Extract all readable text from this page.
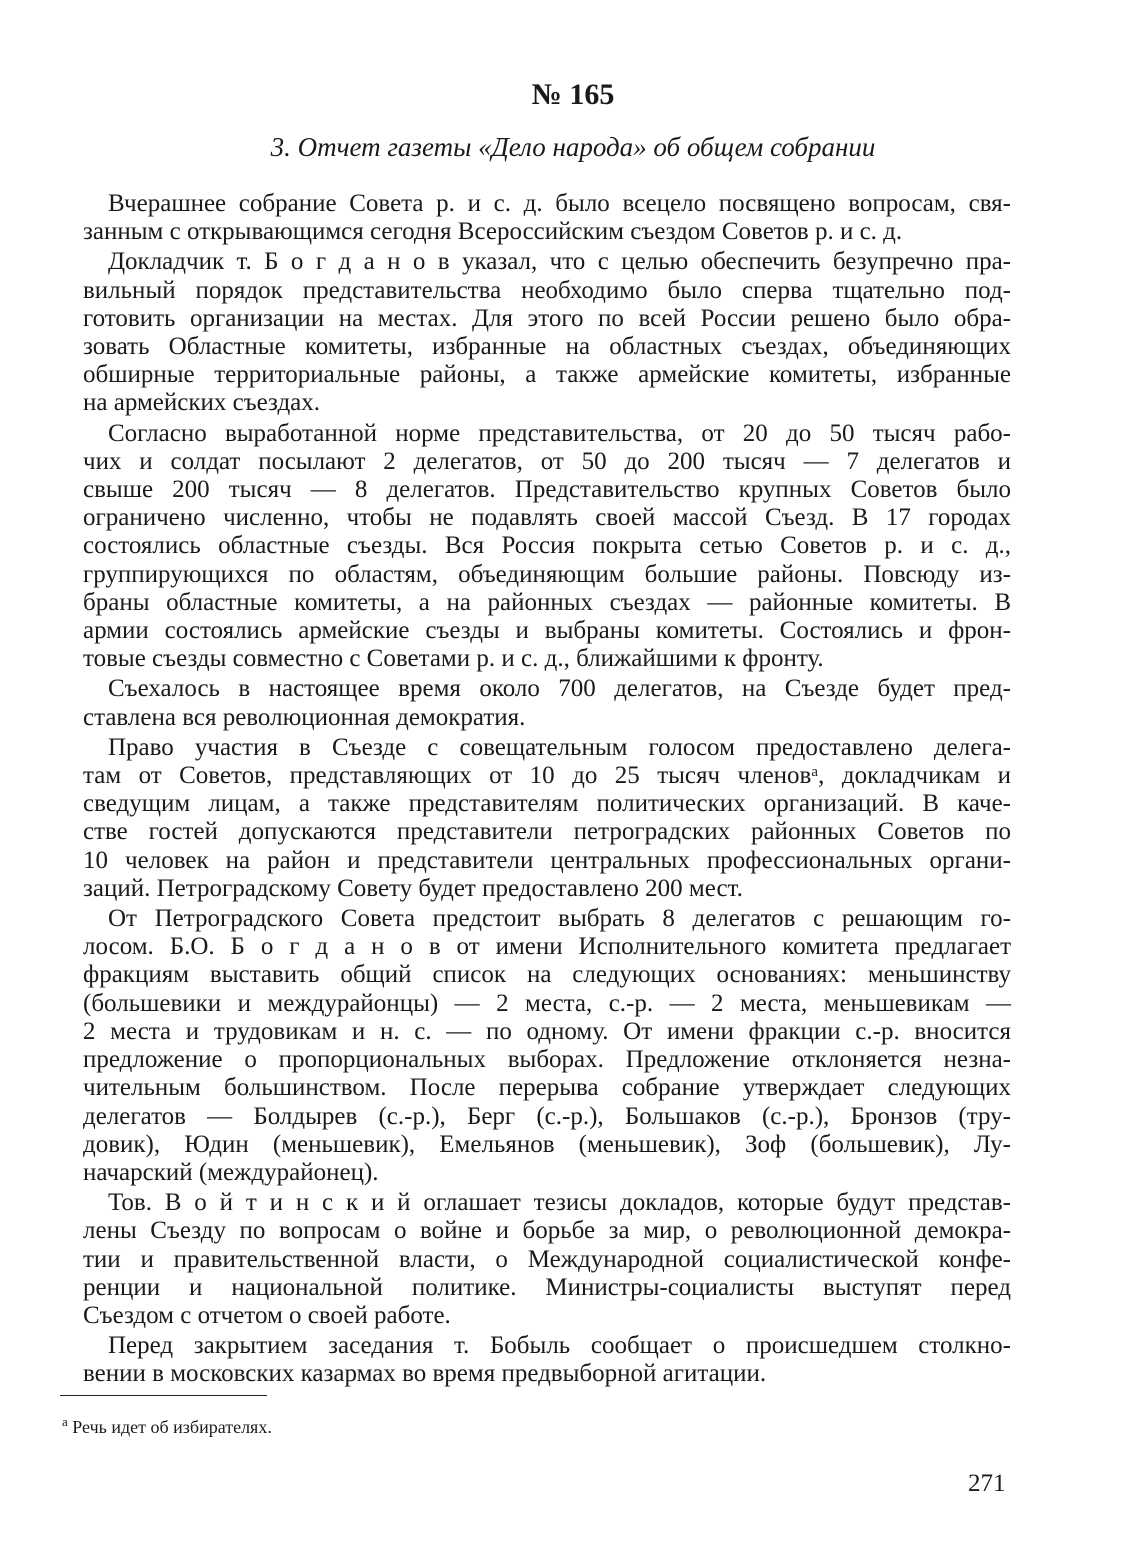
№ 165
3. Отчет газеты «Дело народа» об общем собрании
Вчерашнее собрание Совета р. и с. д. было всецело посвящено вопросам, свя-
занным с открывающимся сегодня Всероссийским съездом Советов р. и с. д.
Докладчик т. Б о г д а н о в указал, что с целью обеспечить безупречно пра-
вильный порядок представительства необходимо было сперва тщательно под-
готовить организации на местах. Для этого по всей России решено было обра-
зовать Областные комитеты, избранные на областных съездах, объединяющих
обширные территориальные районы, а также армейские комитеты, избранные
на армейских съездах.
Согласно выработанной норме представительства, от 20 до 50 тысяч рабо-
чих и солдат посылают 2 делегатов, от 50 до 200 тысяч — 7 делегатов и
свыше 200 тысяч — 8 делегатов. Представительство крупных Советов было
ограничено численно, чтобы не подавлять своей массой Съезд. В 17 городах
состоялись областные съезды. Вся Россия покрыта сетью Советов р. и с. д.,
группирующихся по областям, объединяющим большие районы. Повсюду из-
браны областные комитеты, а на районных съездах — районные комитеты. В
армии состоялись армейские съезды и выбраны комитеты. Состоялись и фрон-
товые съезды совместно с Советами р. и с. д., ближайшими к фронту.
Съехалось в настоящее время около 700 делегатов, на Съезде будет пред-
ставлена вся революционная демократия.
Право участия в Съезде с совещательным голосом предоставлено делега-
там от Советов, представляющих от 10 до 25 тысяч членовᵃ, докладчикам и
сведущим лицам, а также представителям политических организаций. В каче-
стве гостей допускаются представители петроградских районных Советов по
10 человек на район и представители центральных профессиональных органи-
заций. Петроградскому Совету будет предоставлено 200 мест.
От Петроградского Совета предстоит выбрать 8 делегатов с решающим го-
лосом. Б.О. Б о г д а н о в от имени Исполнительного комитета предлагает
фракциям выставить общий список на следующих основаниях: меньшинству
(большевики и междурайонцы) — 2 места, с.-р. — 2 места, меньшевикам —
2 места и трудовикам и н. с. — по одному. От имени фракции с.-р. вносится
предложение о пропорциональных выборах. Предложение отклоняется незна-
чительным большинством. После перерыва собрание утверждает следующих
делегатов — Болдырев (с.-р.), Берг (с.-р.), Большаков (с.-р.), Бронзов (тру-
довик), Юдин (меньшевик), Емельянов (меньшевик), Зоф (большевик), Лу-
начарский (междурайонец).
Тов. В о й т и н с к и й оглашает тезисы докладов, которые будут представ-
лены Съезду по вопросам о войне и борьбе за мир, о революционной демокра-
тии и правительственной власти, о Международной социалистической конфе-
ренции и национальной политике. Министры-социалисты выступят перед
Съездом с отчетом о своей работе.
Перед закрытием заседания т. Бобыль сообщает о происшедшем столкно-
вении в московских казармах во время предвыборной агитации.
$^а$ Речь идет об избирателях.
271
